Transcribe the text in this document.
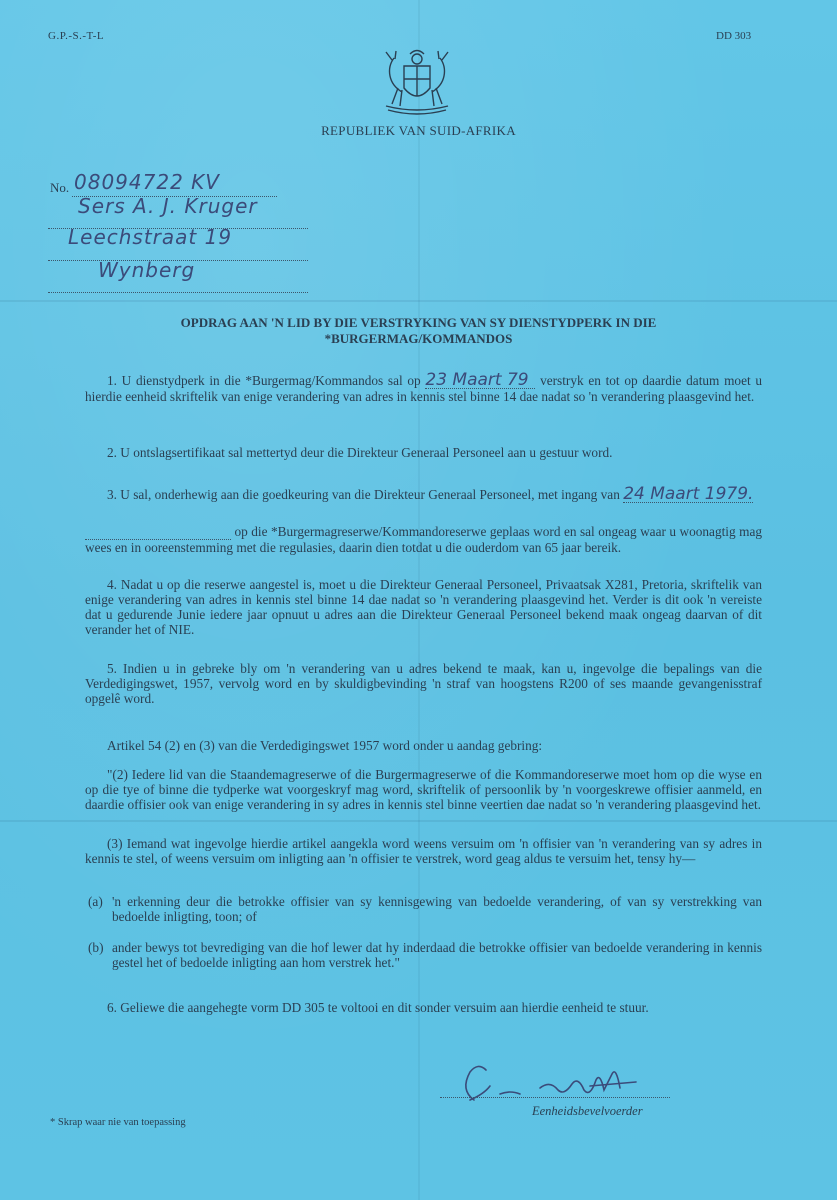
G.P.-S.-T-L	DD 303
REPUBLIEK VAN SUID-AFRIKA
No. 08094722 KV
Sers A. J. Kruger
Leechstraat 19
Wynberg
OPDRAG AAN 'N LID BY DIE VERSTRYKING VAN SY DIENSTYDPERK IN DIE
*BURGERMAG/KOMMANDOS
1. U dienstydperk in die *Burgermag/Kommandos sal op 23 Maart 79 verstryk en tot op daardie datum moet u hierdie eenheid skriftelik van enige verandering van adres in kennis stel binne 14 dae nadat so 'n verandering plaasgevind het.
2. U ontslagsertifikaat sal mettertyd deur die Direkteur Generaal Personeel aan u gestuur word.
3. U sal, onderhewig aan die goedkeuring van die Direkteur Generaal Personeel, met ingang van 24 Maart 1979.
op die *Burgermagreserwe/Kommandoreserwe geplaas word en sal ongeag waar u woonagtig mag wees en in ooreenstemming met die regulasies, daarin dien totdat u die ouderdom van 65 jaar bereik.
4. Nadat u op die reserwe aangestel is, moet u die Direkteur Generaal Personeel, Privaatsak X281, Pretoria, skriftelik van enige verandering van adres in kennis stel binne 14 dae nadat so 'n verandering plaasgevind het. Verder is dit ook 'n vereiste dat u gedurende Junie iedere jaar opnuut u adres aan die Direkteur Generaal Personeel bekend maak ongeag daarvan of dit verander het of NIE.
5. Indien u in gebreke bly om 'n verandering van u adres bekend te maak, kan u, ingevolge die bepalings van die Verdedigingswet, 1957, vervolg word en by skuldigbevinding 'n straf van hoogstens R200 of ses maande gevangenisstraf opgelê word.
Artikel 54 (2) en (3) van die Verdedigingswet 1957 word onder u aandag gebring:
"(2) Iedere lid van die Staandemagreserwe of die Burgermagreserwe of die Kommandoreserwe moet hom op die wyse en op die tye of binne die tydperke wat voorgeskryf mag word, skriftelik of persoonlik by 'n voorgeskrewe offisier aanmeld, en daardie offisier ook van enige verandering in sy adres in kennis stel binne veertien dae nadat so 'n verandering plaasgevind het.
(3) Iemand wat ingevolge hierdie artikel aangekla word weens versuim om 'n offisier van 'n verandering van sy adres in kennis te stel, of weens versuim om inligting aan 'n offisier te verstrek, word geag aldus te versuim het, tensy hy—
(a) 'n erkenning deur die betrokke offisier van sy kennisgewing van bedoelde verandering, of van sy verstrekking van bedoelde inligting, toon; of
(b) ander bewys tot bevrediging van die hof lewer dat hy inderdaad die betrokke offisier van bedoelde verandering in kennis gestel het of bedoelde inligting aan hom verstrek het."
6. Geliewe die aangehegte vorm DD 305 te voltooi en dit sonder versuim aan hierdie eenheid te stuur.
Eenheidsbevelvoerder
* Skrap waar nie van toepassing
